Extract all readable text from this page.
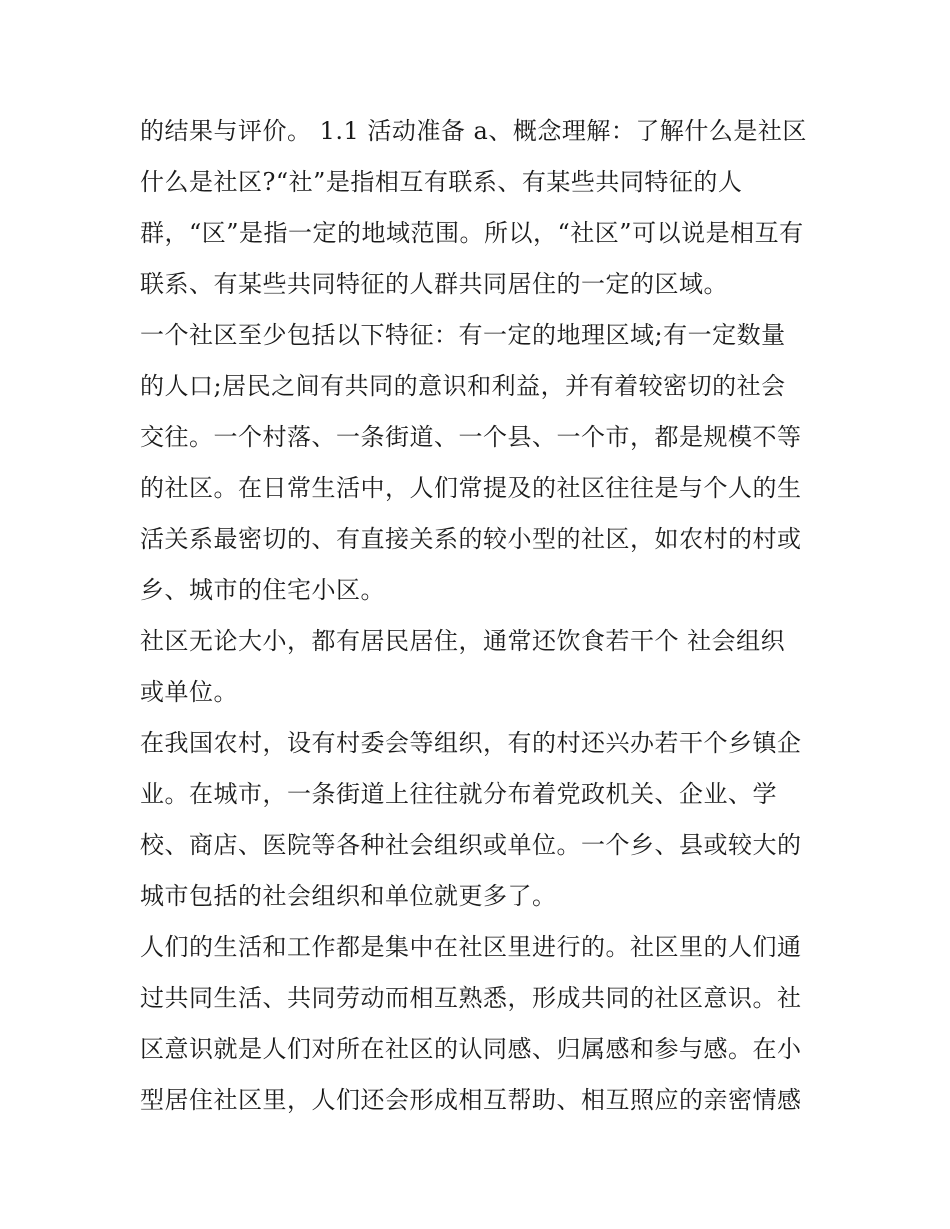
的结果与评价。 1.1 活动准备 a、概念理解：了解什么是社区
什么是社区?“社”是指相互有联系、有某些共同特征的人
群，“区”是指一定的地域范围。所以，“社区”可以说是相互有
联系、有某些共同特征的人群共同居住的一定的区域。
一个社区至少包括以下特征：有一定的地理区域;有一定数量
的人口;居民之间有共同的意识和利益，并有着较密切的社会
交往。一个村落、一条街道、一个县、一个市，都是规模不等
的社区。在日常生活中，人们常提及的社区往往是与个人的生
活关系最密切的、有直接关系的较小型的社区，如农村的村或
乡、城市的住宅小区。
社区无论大小，都有居民居住，通常还饮食若干个 社会组织
或单位。
在我国农村，设有村委会等组织，有的村还兴办若干个乡镇企
业。在城市，一条街道上往往就分布着党政机关、企业、学
校、商店、医院等各种社会组织或单位。一个乡、县或较大的
城市包括的社会组织和单位就更多了。
人们的生活和工作都是集中在社区里进行的。社区里的人们通
过共同生活、共同劳动而相互熟悉，形成共同的社区意识。社
区意识就是人们对所在社区的认同感、归属感和参与感。在小
型居住社区里，人们还会形成相互帮助、相互照应的亲密情感
